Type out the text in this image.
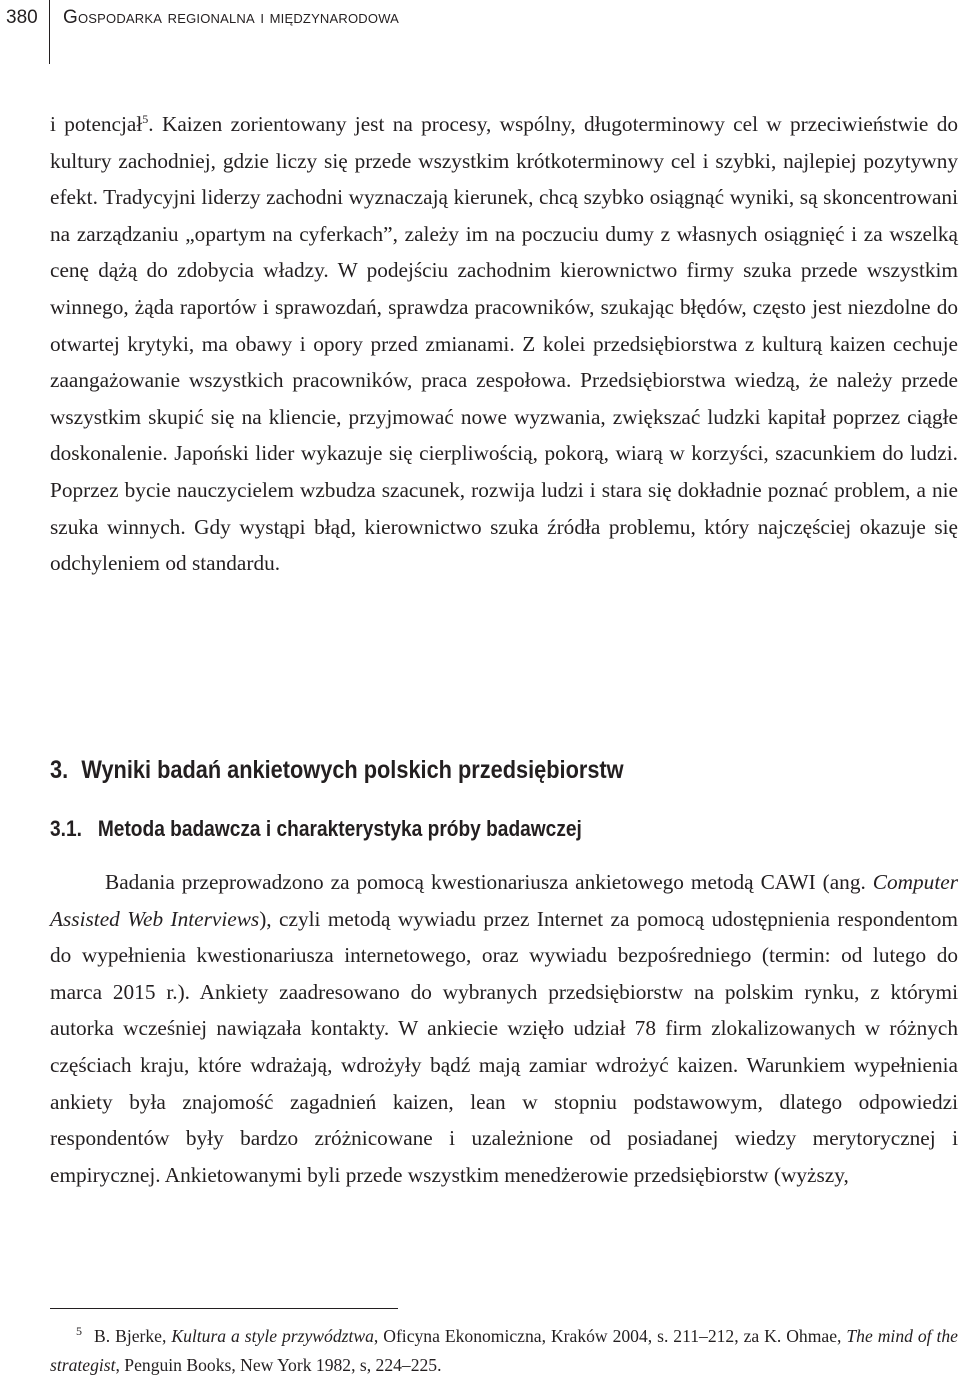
380 Gospodarka regionalna i międzynarodowa

i potencjał$^5$. Kaizen zorientowany jest na procesy, wspólny, długoterminowy cel w przeciwieństwie do kultury zachodniej, gdzie liczy się przede wszystkim krótkoterminowy cel i szybki, najlepiej pozytywny efekt. Tradycyjni liderzy zachodni wyznaczają kierunek, chcą szybko osiągnąć wyniki, są skoncentrowani na zarządzaniu „opartym na cyferkach”, zależy im na poczuciu dumy z własnych osiągnięć i za wszelką cenę dążą do zdobycia władzy. W podejściu zachodnim kierownictwo firmy szuka przede wszystkim winnego, żąda raportów i sprawozdań, sprawdza pracowników, szukając błędów, często jest niezdolne do otwartej krytyki, ma obawy i opory przed zmianami. Z kolei przedsiębiorstwa z kulturą kaizen cechuje zaangażowanie wszystkich pracowników, praca zespołowa. Przedsiębiorstwa wiedzą, że należy przede wszystkim skupić się na kliencie, przyjmować nowe wyzwania, zwiększać ludzki kapitał poprzez ciągłe doskonalenie. Japoński lider wykazuje się cierpliwością, pokorą, wiarą w korzyści, szacunkiem do ludzi. Poprzez bycie nauczycielem wzbudza szacunek, rozwija ludzi i stara się dokładnie poznać problem, a nie szuka winnych. Gdy wystąpi błąd, kierownictwo szuka źródła problemu, który najczęściej okazuje się odchyleniem od standardu.

3. Wyniki badań ankietowych polskich przedsiębiorstw
3.1. Metoda badawcza i charakterystyka próby badawczej

Badania przeprowadzono za pomocą kwestionariusza ankietowego metodą CAWI (ang. Computer Assisted Web Interviews), czyli metodą wywiadu przez Internet za pomocą udostępnienia respondentom do wypełnienia kwestionariusza internetowego, oraz wywiadu bezpośredniego (termin: od lutego do marca 2015 r.). Ankiety zaadresowano do wybranych przedsiębiorstw na polskim rynku, z którymi autorka wcześniej nawiązała kontakty. W ankiecie wzięło udział 78 firm zlokalizowanych w różnych częściach kraju, które wdrażają, wdrożyły bądź mają zamiar wdrożyć kaizen. Warunkiem wypełnienia ankiety była znajomość zagadnień kaizen, lean w stopniu podstawowym, dlatego odpowiedzi respondentów były bardzo zróżnicowane i uzależnione od posiadanej wiedzy merytorycznej i empirycznej. Ankietowanymi byli przede wszystkim menedżerowie przedsiębiorstw (wyższy,

5 B. Bjerke, Kultura a style przywództwa, Oficyna Ekonomiczna, Kraków 2004, s. 211–212, za K. Ohmae, The mind of the strategist, Penguin Books, New York 1982, s, 224–225.
